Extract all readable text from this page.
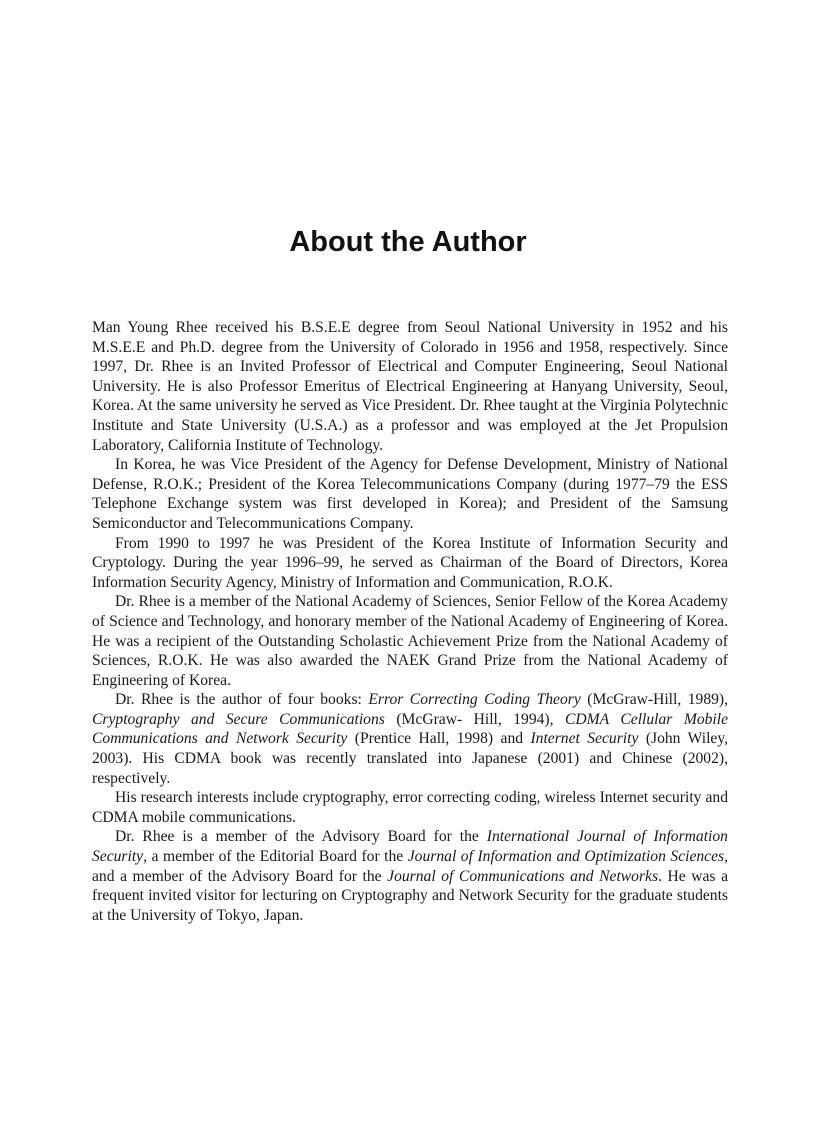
About the Author

Man Young Rhee received his B.S.E.E degree from Seoul National University in 1952 and his M.S.E.E and Ph.D. degree from the University of Colorado in 1956 and 1958, respectively. Since 1997, Dr. Rhee is an Invited Professor of Electrical and Computer Engineering, Seoul National University. He is also Professor Emeritus of Electrical Engineering at Hanyang University, Seoul, Korea. At the same university he served as Vice President. Dr. Rhee taught at the Virginia Polytechnic Institute and State University (U.S.A.) as a professor and was employed at the Jet Propulsion Laboratory, California Institute of Technology.

In Korea, he was Vice President of the Agency for Defense Development, Ministry of National Defense, R.O.K.; President of the Korea Telecommunications Company (during 1977–79 the ESS Telephone Exchange system was first developed in Korea); and President of the Samsung Semiconductor and Telecommunications Company.

From 1990 to 1997 he was President of the Korea Institute of Information Security and Cryptology. During the year 1996–99, he served as Chairman of the Board of Directors, Korea Information Security Agency, Ministry of Information and Communication, R.O.K.

Dr. Rhee is a member of the National Academy of Sciences, Senior Fellow of the Korea Academy of Science and Technology, and honorary member of the National Academy of Engineering of Korea. He was a recipient of the Outstanding Scholastic Achievement Prize from the National Academy of Sciences, R.O.K. He was also awarded the NAEK Grand Prize from the National Academy of Engineering of Korea.

Dr. Rhee is the author of four books: Error Correcting Coding Theory (McGraw-Hill, 1989), Cryptography and Secure Communications (McGraw- Hill, 1994), CDMA Cellular Mobile Communications and Network Security (Prentice Hall, 1998) and Internet Security (John Wiley, 2003). His CDMA book was recently translated into Japanese (2001) and Chinese (2002), respectively.

His research interests include cryptography, error correcting coding, wireless Internet security and CDMA mobile communications.

Dr. Rhee is a member of the Advisory Board for the International Journal of Information Security, a member of the Editorial Board for the Journal of Information and Optimization Sciences, and a member of the Advisory Board for the Journal of Communications and Networks. He was a frequent invited visitor for lecturing on Cryptography and Network Security for the graduate students at the University of Tokyo, Japan.
